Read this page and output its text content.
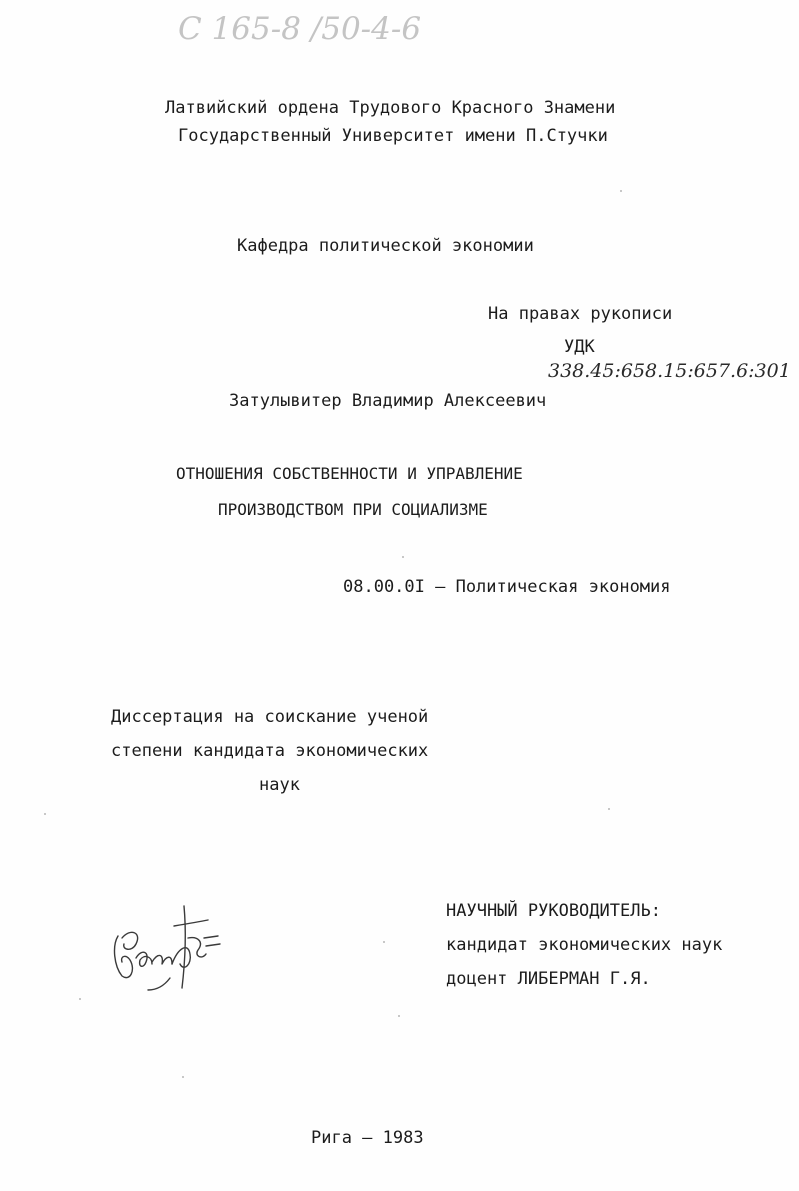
С 165-8 /50-4-6
Латвийский ордена Трудового Красного Знамени
Государственный Университет имени П.Стучки
Кафедра политической экономии
На правах рукописи
УДК
338.45:658.15:657.6:301
Затулывитер Владимир Алексеевич
ОТНОШЕНИЯ СОБСТВЕННОСТИ И УПРАВЛЕНИЕ
ПРОИЗВОДСТВОМ ПРИ СОЦИАЛИЗМЕ
08.00.0I – Политическая экономия
Диссертация на соискание ученой
степени кандидата экономических
наук
НАУЧНЫЙ РУКОВОДИТЕЛЬ:
кандидат экономических наук
доцент ЛИБЕРМАН Г.Я.
Рига – 1983
